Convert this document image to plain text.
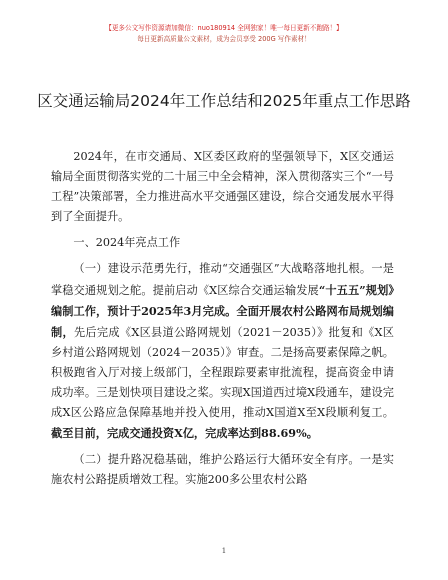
【更多公文写作资源请加微信：nuo180914 全网独家！唯一每日更新不跑路！】
每日更新高质量公文素材，成为会员享受 200G 写作素材！
区交通运输局2024年工作总结和2025年重点工作思路

2024年，在市交通局、X区委区政府的坚强领导下，X区交通运输局全面贯彻落实党的二十届三中全会精神，深入贯彻落实三个“一号工程”决策部署，全力推进高水平交通强区建设，综合交通发展水平得到了全面提升。

一、2024年亮点工作

（一）建设示范勇先行，推动“交通强区”大战略落地扎根。一是掌稳交通规划之舵。提前启动《X区综合交通运输发展“十五五”规划》编制工作，预计于2025年3月完成。全面开展农村公路网布局规划编制，先后完成《X区县道公路网规划（2021－2035）》批复和《X区乡村道公路网规划（2024－2035）》审查。二是扬高要素保障之帆。积极跑省入厅对接上级部门，全程跟踪要素审批流程，提高资金申请成功率。三是划快项目建设之桨。实现X国道西过境X段通车，建设完成X区公路应急保障基地并投入使用，推动X国道X至X段顺利复工。截至目前，完成交通投资X亿，完成率达到88.69%。

（二）提升路况稳基础，维护公路运行大循环安全有序。一是实施农村公路提质增效工程。实施200多公里农村公路

1
